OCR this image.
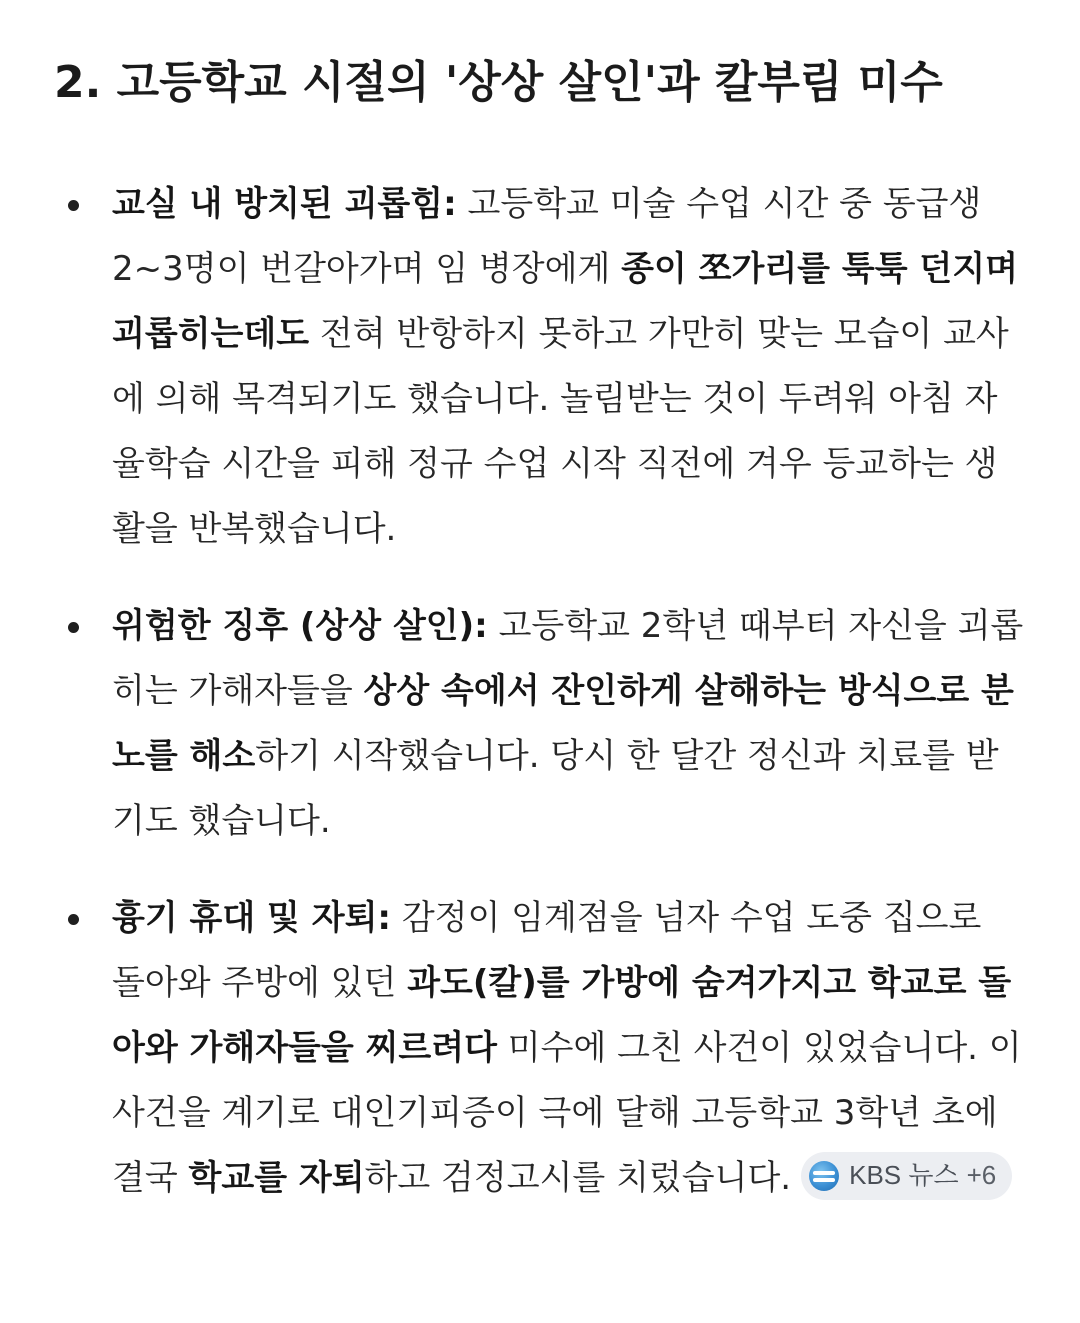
2. 고등학교 시절의 '상상 살인'과 칼부림 미수
교실 내 방치된 괴롭힘: 고등학교 미술 수업 시간 중 동급생 2~3명이 번갈아가며 임 병장에게 종이 쪼가리를 툭툭 던지며 괴롭히는데도 전혀 반항하지 못하고 가만히 맞는 모습이 교사에 의해 목격되기도 했습니다. 놀림받는 것이 두려워 아침 자율학습 시간을 피해 정규 수업 시작 직전에 겨우 등교하는 생활을 반복했습니다.
위험한 징후 (상상 살인): 고등학교 2학년 때부터 자신을 괴롭히는 가해자들을 상상 속에서 잔인하게 살해하는 방식으로 분노를 해소하기 시작했습니다. 당시 한 달간 정신과 치료를 받기도 했습니다.
흉기 휴대 및 자퇴: 감정이 임계점을 넘자 수업 도중 집으로 돌아와 주방에 있던 과도(칼)를 가방에 숨겨가지고 학교로 돌아와 가해자들을 찌르려다 미수에 그친 사건이 있었습니다. 이 사건을 계기로 대인기피증이 극에 달해 고등학교 3학년 초에 결국 학교를 자퇴하고 검정고시를 치렀습니다. KBS 뉴스 +6
